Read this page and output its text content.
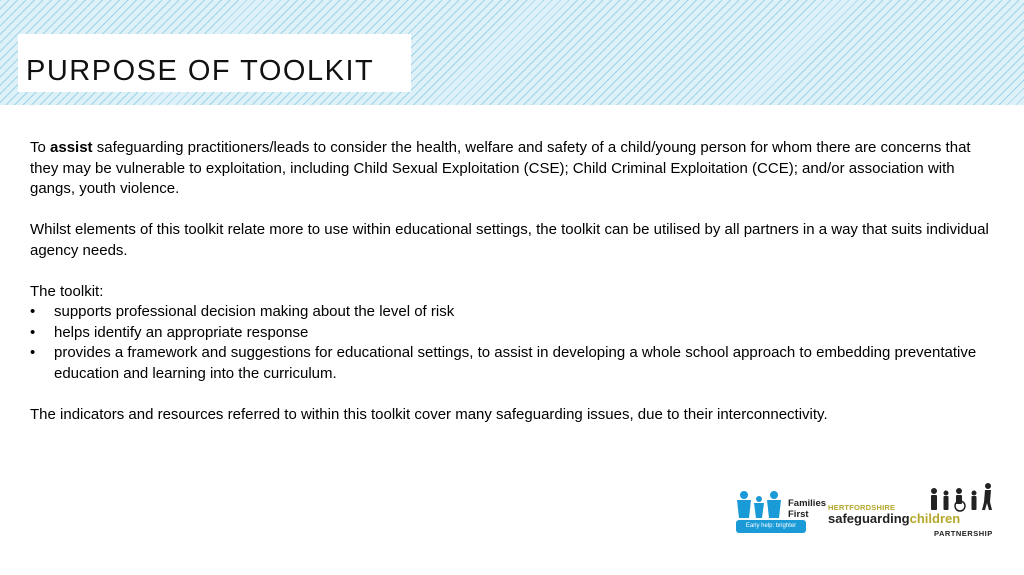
PURPOSE OF TOOLKIT

To assist safeguarding practitioners/leads to consider the health, welfare and safety of a child/young person for whom there are concerns that they may be vulnerable to exploitation, including Child Sexual Exploitation (CSE); Child Criminal Exploitation (CCE); and/or association with gangs, youth violence.

Whilst elements of this toolkit relate more to use within educational settings, the toolkit can be utilised by all partners in a way that suits individual agency needs.

The toolkit:
• supports professional decision making about the level of risk
• helps identify an appropriate response
• provides a framework and suggestions for educational settings, to assist in developing a whole school approach to embedding preventative education and learning into the curriculum.

The indicators and resources referred to within this toolkit cover many safeguarding issues, due to their interconnectivity.

Families
First
Early help: brighter futures
HERTFORDSHIRE
safeguardingchildren
PARTNERSHIP
